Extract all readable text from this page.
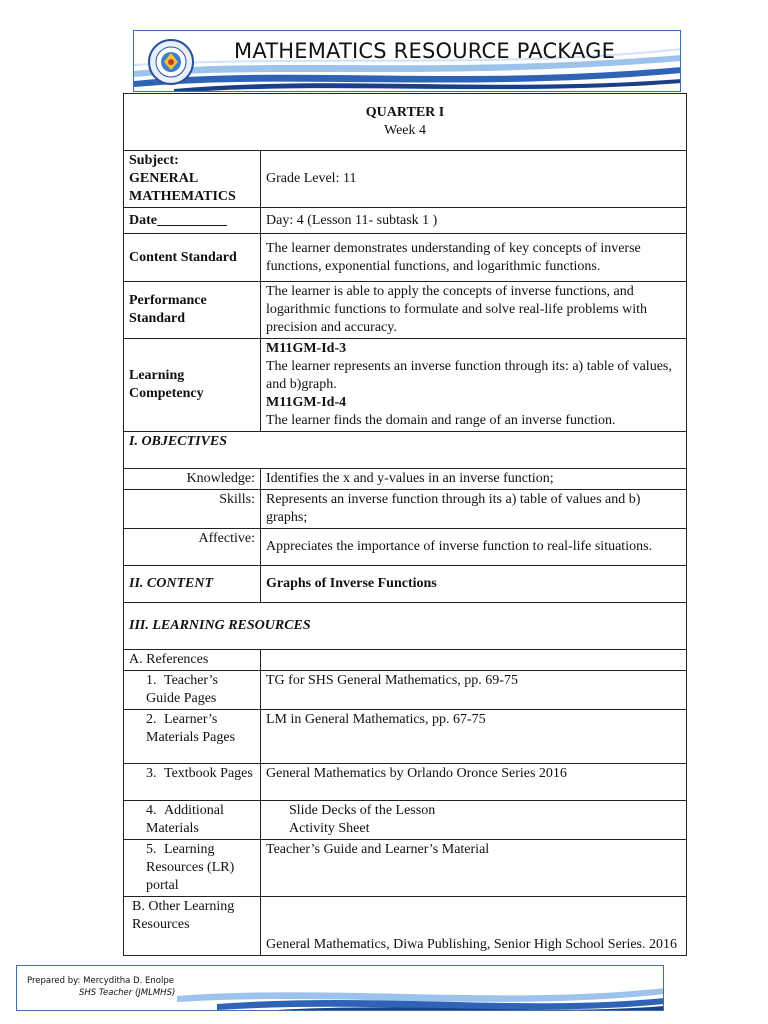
MATHEMATICS RESOURCE PACKAGE
QUARTER I
Week 4	

Subject:
GENERAL
MATHEMATICS	Grade Level: 11
Date__________	Day: 4 (Lesson 11- subtask 1 )
Content Standard	The learner demonstrates understanding of key concepts of inverse functions, exponential functions, and logarithmic functions.
Performance Standard	The learner is able to apply the concepts of inverse functions, and logarithmic functions to formulate and solve real-life problems with precision and accuracy.
Learning Competency	M11GM-Id-3
The learner represents an inverse function through its: a) table of values, and b)graph.
M11GM-Id-4
The learner finds the domain and range of an inverse function.

I. OBJECTIVES	
Knowledge:	Identifies the x and y-values in an inverse function;
Skills:	Represents an inverse function through its a) table of values and b) graphs;
Affective:	Appreciates the importance of inverse function to real-life situations.
II. CONTENT	Graphs of Inverse Functions
III. LEARNING RESOURCES	
A. References	
1. Teacher’s Guide Pages	TG for SHS General Mathematics, pp. 69-75
2. Learner’s Materials Pages	LM in General Mathematics, pp. 67-75
3. Textbook Pages	General Mathematics by Orlando Oronce Series 2016
4. Additional Materials	Slide Decks of the Lesson
Activity Sheet

5. Learning Resources (LR) portal	Teacher’s Guide and Learner’s Material
B. Other Learning Resources	General Mathematics, Diwa Publishing, Senior High School Series. 2016
Prepared by: Mercyditha D. Enolpe
SHS Teacher (JMLMHS)
